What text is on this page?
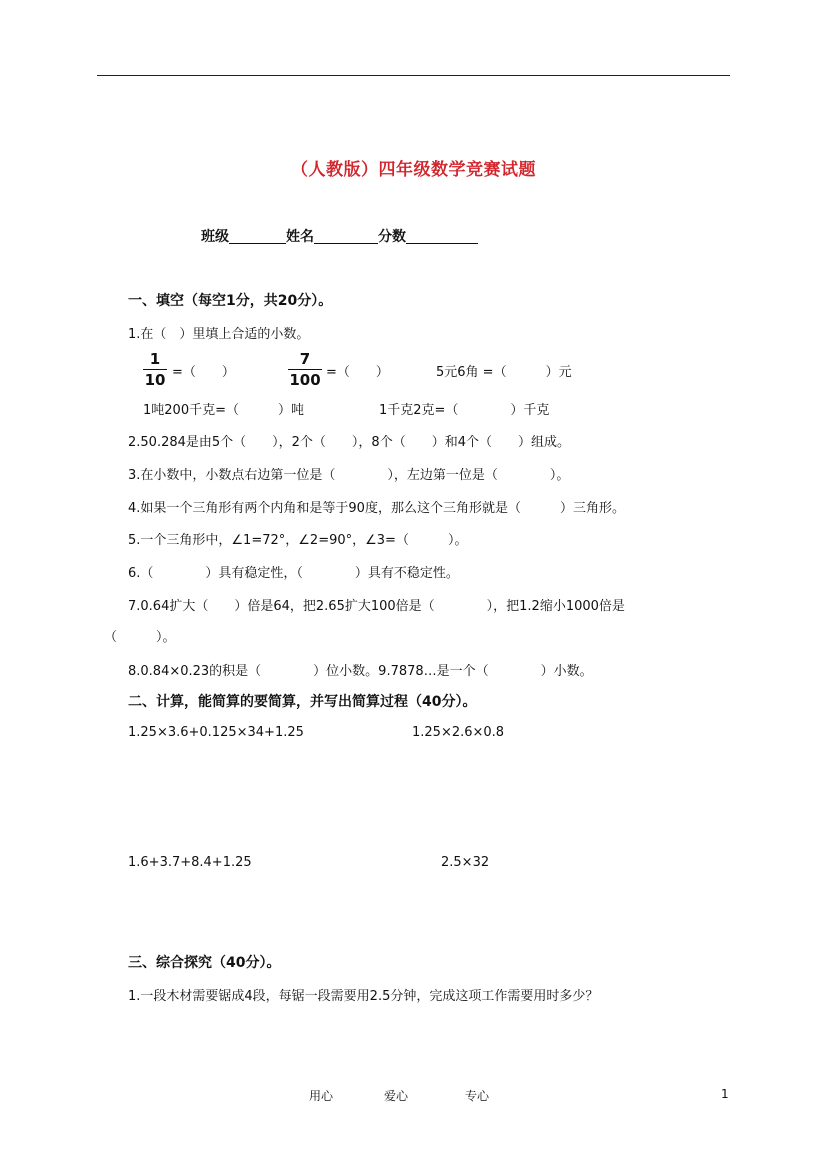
（人教版）四年级数学竞赛试题
班级	姓名	分数
一、填空（每空1分，共20分）。
1.在（　）里填上合适的小数。
1
10 =（　　）
7
100 =（　　）	5元6角 =（　　　）元
1吨200千克=（　　　）吨	1千克2克=（　　　　）千克
2.50.284是由5个（　　），2个（　　），8个（　　）和4个（　　）组成。
3.在小数中，小数点右边第一位是（　　　　），左边第一位是（　　　　）。
4.如果一个三角形有两个内角和是等于90度，那么这个三角形就是（　　　）三角形。
5.一个三角形中，∠1=72°，∠2=90°，∠3=（　　　）。
6.（　　　　）具有稳定性，（　　　　）具有不稳定性。
7.0.64扩大（　　）倍是64，把2.65扩大100倍是（　　　　），把1.2缩小1000倍是
（　　　）。
8.0.84×0.23的积是（　　　　）位小数。9.7878…是一个（　　　　）小数。
二、计算，能简算的要简算，并写出简算过程（40分）。
1.25×3.6+0.125×34+1.25	1.25×2.6×0.8
1.6+3.7+8.4+1.25	2.5×32
三、综合探究（40分）。
1.一段木材需要锯成4段，每锯一段需要用2.5分钟，完成这项工作需要用时多少？
用心	爱心	专心	1
